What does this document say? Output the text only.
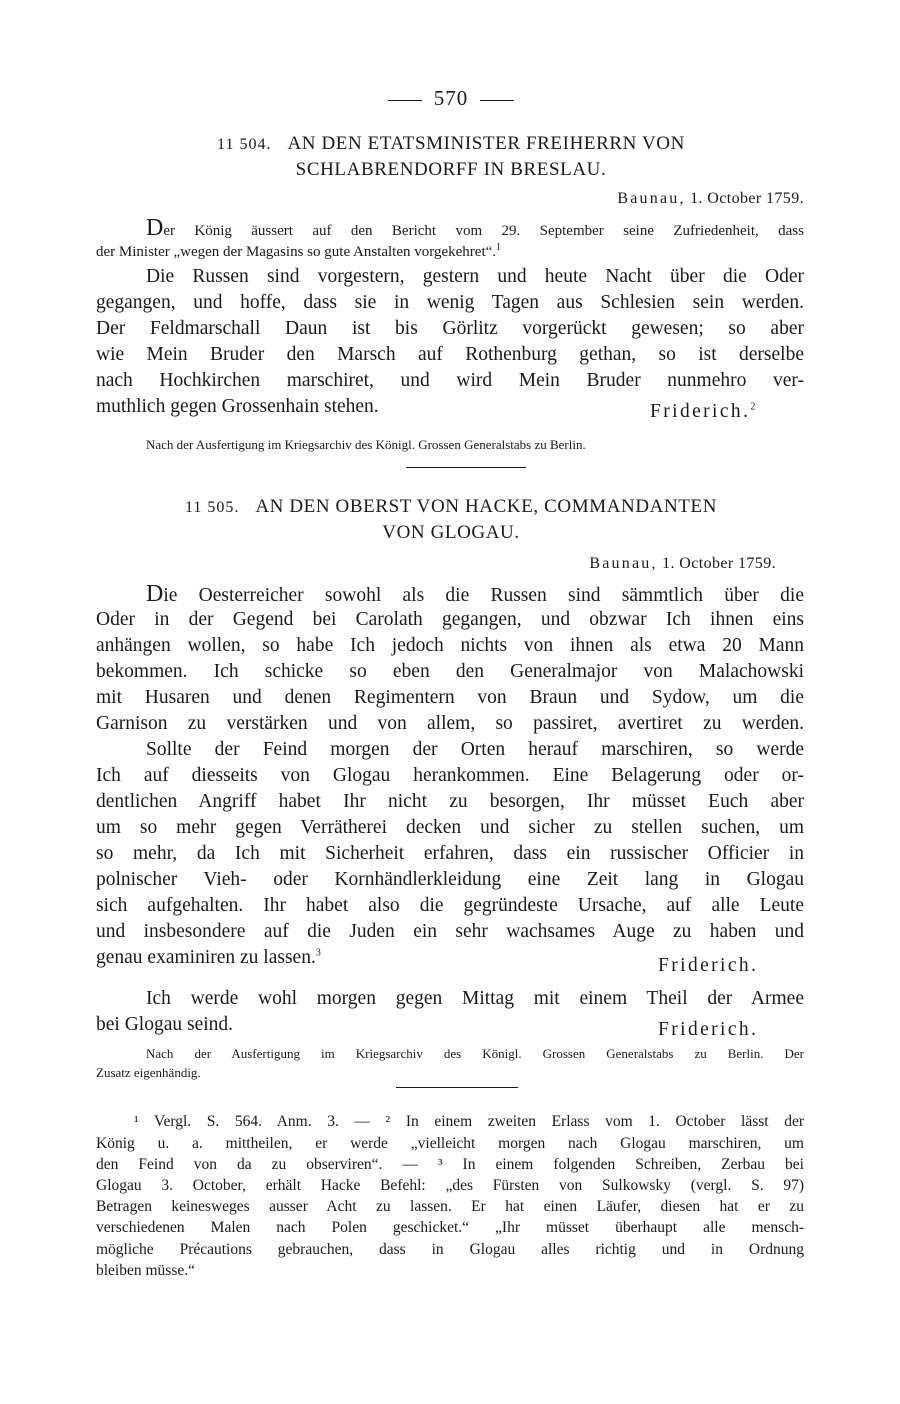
570
11 504. AN DEN ETATSMINISTER FREIHERRN VON
SCHLABRENDORFF IN BRESLAU.
Baunau, 1. October 1759.
Der König äussert auf den Bericht vom 29. September seine Zufriedenheit, dass
der Minister „wegen der Magasins so gute Anstalten vorgekehret“.$^1$
Die Russen sind vorgestern, gestern und heute Nacht über die Oder
gegangen, und hoffe, dass sie in wenig Tagen aus Schlesien sein werden.
Der Feldmarschall Daun ist bis Görlitz vorgerückt gewesen; so aber
wie Mein Bruder den Marsch auf Rothenburg gethan, so ist derselbe
nach Hochkirchen marschiret, und wird Mein Bruder nunmehro ver-
muthlich gegen Grossenhain stehen.	Friderich.$^2$
Nach der Ausfertigung im Kriegsarchiv des Königl. Grossen Generalstabs zu Berlin.
11 505. AN DEN OBERST VON HACKE, COMMANDANTEN
VON GLOGAU.
Baunau, 1. October 1759.
Die Oesterreicher sowohl als die Russen sind sämmtlich über die
Oder in der Gegend bei Carolath gegangen, und obzwar Ich ihnen eins
anhängen wollen, so habe Ich jedoch nichts von ihnen als etwa 20 Mann
bekommen. Ich schicke so eben den Generalmajor von Malachowski
mit Husaren und denen Regimentern von Braun und Sydow, um die
Garnison zu verstärken und von allem, so passiret, avertiret zu werden.
Sollte der Feind morgen der Orten herauf marschiren, so werde
Ich auf diesseits von Glogau herankommen. Eine Belagerung oder or-
dentlichen Angriff habet Ihr nicht zu besorgen, Ihr müsset Euch aber
um so mehr gegen Verrätherei decken und sicher zu stellen suchen, um
so mehr, da Ich mit Sicherheit erfahren, dass ein russischer Officier in
polnischer Vieh- oder Kornhändlerkleidung eine Zeit lang in Glogau
sich aufgehalten. Ihr habet also die gegründeste Ursache, auf alle Leute
und insbesondere auf die Juden ein sehr wachsames Auge zu haben und
genau examiniren zu lassen.$^3$
Friderich.
Ich werde wohl morgen gegen Mittag mit einem Theil der Armee
bei Glogau seind.	Friderich.
Nach der Ausfertigung im Kriegsarchiv des Königl. Grossen Generalstabs zu Berlin. Der
Zusatz eigenhändig.
¹ Vergl. S. 564. Anm. 3. — ² In einem zweiten Erlass vom 1. October lässt der
König u. a. mittheilen, er werde „vielleicht morgen nach Glogau marschiren, um
den Feind von da zu observiren“. — ³ In einem folgenden Schreiben, Zerbau bei
Glogau 3. October, erhält Hacke Befehl: „des Fürsten von Sulkowsky (vergl. S. 97)
Betragen keinesweges ausser Acht zu lassen. Er hat einen Läufer, diesen hat er zu
verschiedenen Malen nach Polen geschicket.“ „Ihr müsset überhaupt alle mensch-
mögliche Précautions gebrauchen, dass in Glogau alles richtig und in Ordnung
bleiben müsse.“
